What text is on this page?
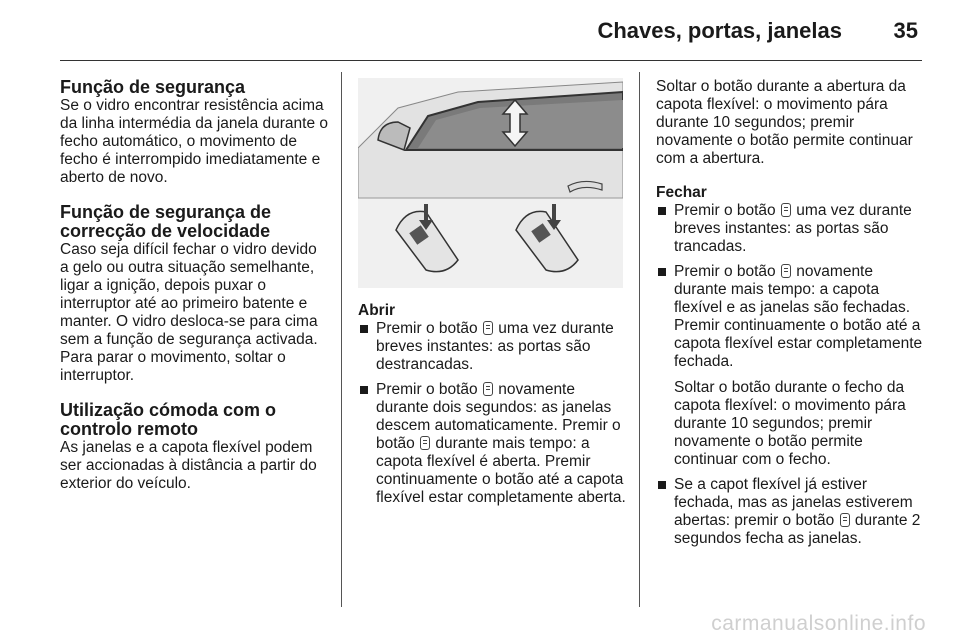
Chaves, portas, janelas 35
Função de segurança

Se o vidro encontrar resistência acima da linha intermédia da janela durante o fecho automático, o movimento de fecho é interrompido imediatamente e aberto de novo.

Função de segurança de correcção de velocidade

Caso seja difícil fechar o vidro devido a gelo ou outra situação semelhante, ligar a ignição, depois puxar o interruptor até ao primeiro batente e manter. O vidro desloca-se para cima sem a função de segurança activada. Para parar o movimento, soltar o interruptor.

Utilização cómoda com o controlo remoto

As janelas e a capota flexível podem ser accionadas à distância a partir do exterior do veículo.

Abrir
Premir o botão uma vez durante breves instantes: as portas são destrancadas.
Premir o botão novamente durante dois segundos: as janelas descem automaticamente. Premir o botão durante mais tempo: a capota flexível é aberta. Premir continuamente o botão até a capota flexível estar completamente aberta.

Soltar o botão durante a abertura da capota flexível: o movimento pára durante 10 segundos; premir novamente o botão permite continuar com a abertura.

Fechar
Premir o botão uma vez durante breves instantes: as portas são trancadas.
Premir o botão novamente durante mais tempo: a capota flexível e as janelas são fechadas. Premir continuamente o botão até a capota flexível estar completamente fechada.
Soltar o botão durante o fecho da capota flexível: o movimento pára durante 10 segundos; premir novamente o botão permite continuar com o fecho.
Se a capot flexível já estiver fechada, mas as janelas estiverem abertas: premir o botão durante 2 segundos fecha as janelas.
carmanualsonline.info
